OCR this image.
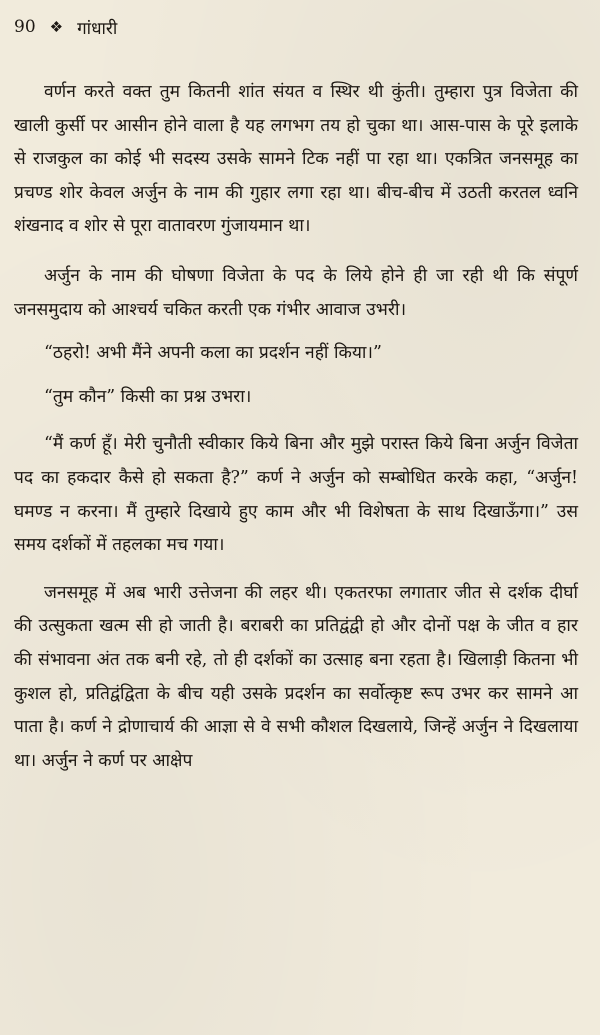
90 ❖ गांधारी

वर्णन करते वक्त तुम कितनी शांत संयत व स्थिर थी कुंती। तुम्हारा पुत्र विजेता की खाली कुर्सी पर आसीन होने वाला है यह लगभग तय हो चुका था। आस-पास के पूरे इलाके से राजकुल का कोई भी सदस्य उसके सामने टिक नहीं पा रहा था। एकत्रित जनसमूह का प्रचण्ड शोर केवल अर्जुन के नाम की गुहार लगा रहा था। बीच-बीच में उठती करतल ध्वनि शंखनाद व शोर से पूरा वातावरण गुंजायमान था।

अर्जुन के नाम की घोषणा विजेता के पद के लिये होने ही जा रही थी कि संपूर्ण जनसमुदाय को आश्चर्य चकित करती एक गंभीर आवाज उभरी।

“ठहरो! अभी मैंने अपनी कला का प्रदर्शन नहीं किया।”

“तुम कौन” किसी का प्रश्न उभरा।

“मैं कर्ण हूँ। मेरी चुनौती स्वीकार किये बिना और मुझे परास्त किये बिना अर्जुन विजेता पद का हकदार कैसे हो सकता है?” कर्ण ने अर्जुन को सम्बोधित करके कहा, “अर्जुन! घमण्ड न करना। मैं तुम्हारे दिखाये हुए काम और भी विशेषता के साथ दिखाऊँगा।” उस समय दर्शकों में तहलका मच गया।

जनसमूह में अब भारी उत्तेजना की लहर थी। एकतरफा लगातार जीत से दर्शक दीर्घा की उत्सुकता खत्म सी हो जाती है। बराबरी का प्रतिद्वंद्वी हो और दोनों पक्ष के जीत व हार की संभावना अंत तक बनी रहे, तो ही दर्शकों का उत्साह बना रहता है। खिलाड़ी कितना भी कुशल हो, प्रतिद्वंद्विता के बीच यही उसके प्रदर्शन का सर्वोत्कृष्ट रूप उभर कर सामने आ पाता है। कर्ण ने द्रोणाचार्य की आज्ञा से वे सभी कौशल दिखलाये, जिन्हें अर्जुन ने दिखलाया था। अर्जुन ने कर्ण पर आक्षेप
